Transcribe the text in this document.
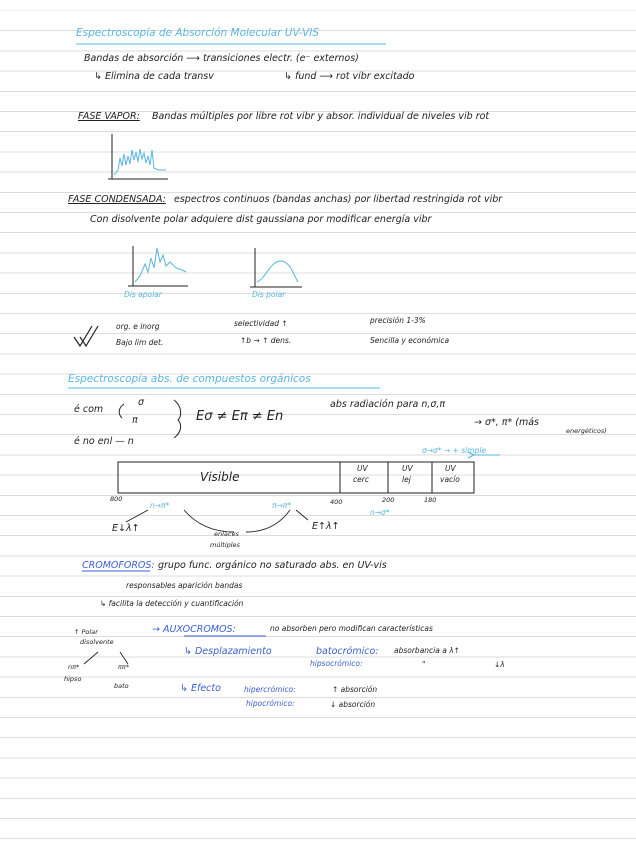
Espectroscopía de Absorción Molecular UV-VIS
Bandas de absorción ⟶ transiciones electr. (e⁻ externos)
↳ Elimina de cada transv	↳ fund ⟶ rot vibr excitado
FASE VAPOR: Bandas múltiples por libre rot vibr y absor. individual de niveles vib rot
FASE CONDENSADA: espectros continuos (bandas anchas) por libertad restringida rot vibr
Con disolvente polar adquiere dist gaussiana por modificar energía vibr
Dis apolar	Dis polar
org. e inorg	selectividad ↑	precisión 1-3%
Bajo lim det.	↑b → ↑ dens.	Sencilla y económica
Espectroscopía abs. de compuestos orgánicos
é com
σ
π
é no enl — n
Eσ ≠ Eπ ≠ En
abs radiación para n,σ,π
→ σ*, π* (más
energéticos)
σ→σ* → + simple
Visible
UV
cerc
UV
lej
UV
vacío
800	400	200	180
n→π*
E↓λ↑
π→π*
E↑λ↑
n→σ*
enlaces
múltiples
CROMOFOROS: grupo func. orgánico no saturado abs. en UV-vis
responsables aparición bandas
↳ facilita la detección y cuantificación
↑ Polar
disolvente
nπ*	ππ*
hipso
bato
→ AUXOCROMOS:	no absorben pero modifican características
↳ Desplazamiento	batocrómico: absorbancia a λ↑
hipsocrómico:	"	↓λ
↳ Efecto	hipercrómico:	↑ absorción
hipocrómico:	↓ absorción
